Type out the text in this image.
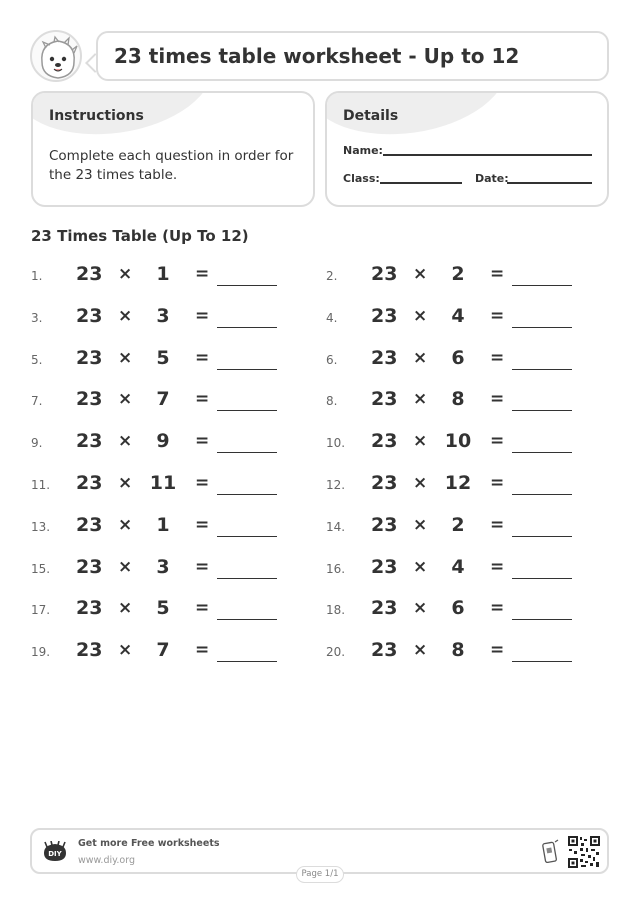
23 times table worksheet - Up to 12
Instructions
Complete each question in order for the 23 times table.
Details
Name:
Class:	Date:
23 Times Table (Up To 12)
1. 23 ×	1	=	2. 23 ×	2	=
3. 23 ×	3	=	4. 23 ×	4	=
5. 23 ×	5	=	6. 23 ×	6	=
7. 23 ×	7	=	8. 23 ×	8	=
9. 23 ×	9	=	10. 23 × 10 =
11. 23 × 11 =	12. 23 × 12 =
13. 23 ×	1	=	14. 23 ×	2	=
15. 23 ×	3	=	16. 23 ×	4	=
17. 23 ×	5	=	18. 23 ×	6	=
19. 23 ×	7	=	20. 23 ×	8	=
DIY
Get more Free worksheets
www.diy.org
Page 1/1
